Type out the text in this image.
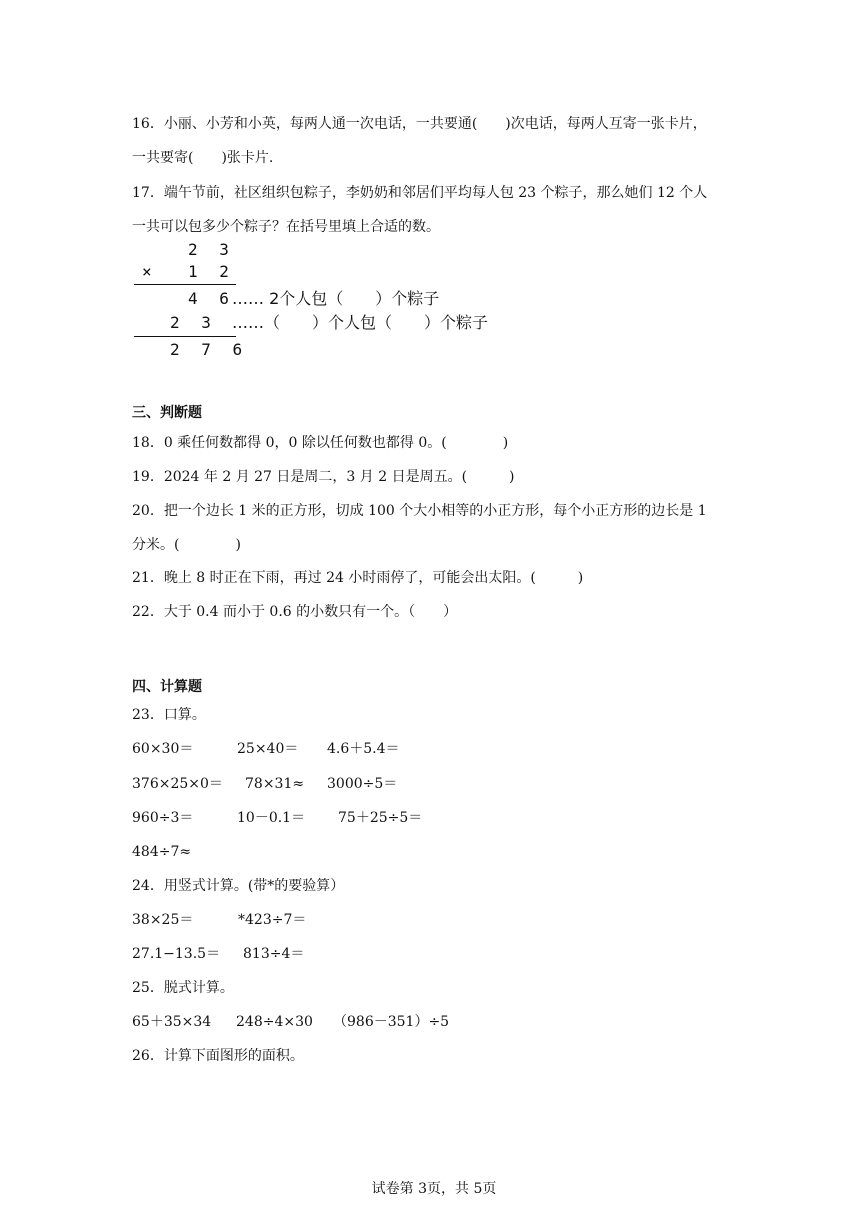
16．小丽、小芳和小英，每两人通一次电话，一共要通(　　)次电话，每两人互寄一张卡片，
一共要寄(　　)张卡片.
17．端午节前，社区组织包粽子，李奶奶和邻居们平均每人包 23 个粽子，那么她们 12 个人
一共可以包多少个粽子？在括号里填上合适的数。
2 3
× 1 2
4 6
…… 2个人包（　　）个粽子
2 3 ……（　　）个人包（　　）个粽子
2 7 6
三、判断题
18．0 乘任何数都得 0，0 除以任何数也都得 0。(　　　　)
19．2024 年 2 月 27 日是周二，3 月 2 日是周五。(　　　)
20．把一个边长 1 米的正方形，切成 100 个大小相等的小正方形，每个小正方形的边长是 1
分米。(　　　　)
21．晚上 8 时正在下雨，再过 24 小时雨停了，可能会出太阳。(　　　)
22．大于 0.4 而小于 0.6 的小数只有一个。（　　）
四、计算题
23．口算。
60×30＝	25×40＝ 4.6＋5.4＝
376×25×0＝ 78×31≈ 3000÷5＝
960÷3＝	10－0.1＝ 75＋25÷5＝
484÷7≈
24．用竖式计算。(带*的要验算）
38×25＝	*423÷7＝
27.1−13.5＝ 813÷4＝
25．脱式计算。
65＋35×34 248÷4×30 （986－351）÷5
26．计算下面图形的面积。
试卷第 3页，共 5页
